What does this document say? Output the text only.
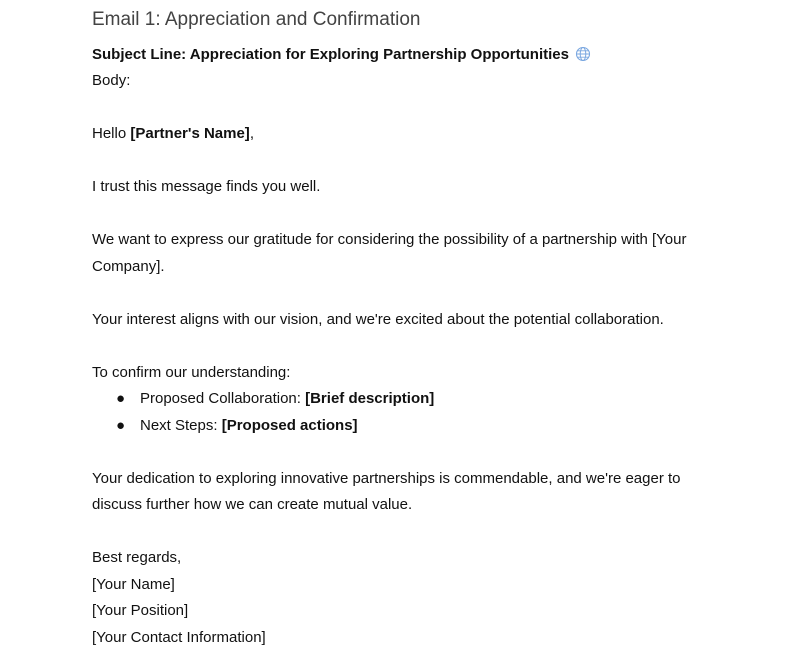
Email 1: Appreciation and Confirmation
Subject Line: Appreciation for Exploring Partnership Opportunities

Body:

Hello [Partner's Name],

I trust this message finds you well.

We want to express our gratitude for considering the possibility of a partnership with [Your

Company].

Your interest aligns with our vision, and we're excited about the potential collaboration.

To confirm our understanding:

● Proposed Collaboration: [Brief description]
● Next Steps: [Proposed actions]

Your dedication to exploring innovative partnerships is commendable, and we're eager to

discuss further how we can create mutual value.

Best regards,

[Your Name]

[Your Position]

[Your Contact Information]
